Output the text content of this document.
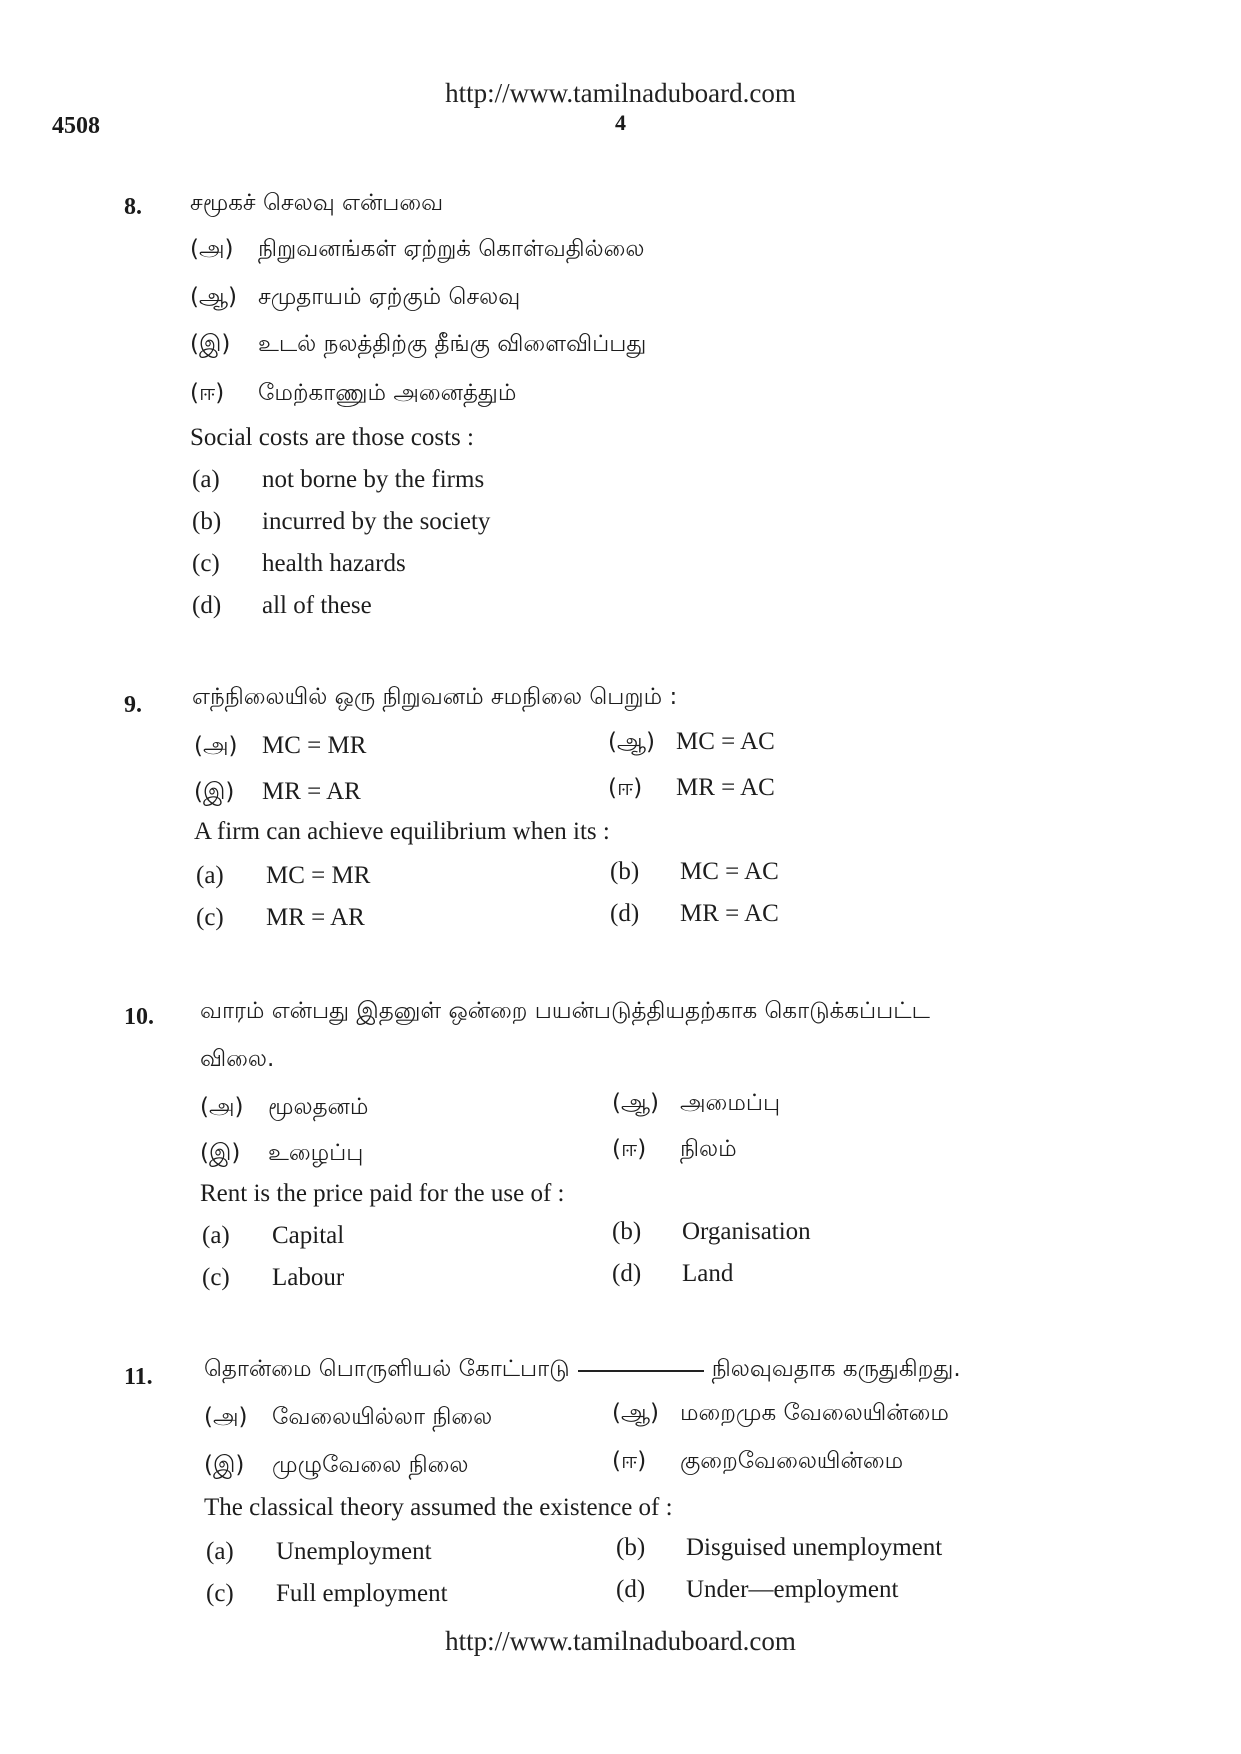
http://www.tamilnaduboard.com
4508	4
8. சமூகச் செலவு என்பவை
(அ) நிறுவனங்கள் ஏற்றுக் கொள்வதில்லை
(ஆ) சமுதாயம் ஏற்கும் செலவு
(இ) உடல் நலத்திற்கு தீங்கு விளைவிப்பது
(ஈ) மேற்காணும் அனைத்தும்
Social costs are those costs :
(a) not borne by the firms
(b) incurred by the society
(c) health hazards
(d) all of these
9. எந்நிலையில் ஒரு நிறுவனம் சமநிலை பெறும் :
(அ) MC = MR	(ஆ) MC = AC
(இ) MR = AR	(ஈ) MR = AC
A firm can achieve equilibrium when its :
(a) MC = MR	(b) MC = AC
(c) MR = AR	(d) MR = AC
10. வாரம் என்பது இதனுள் ஒன்றை பயன்படுத்தியதற்காக கொடுக்கப்பட்ட
விலை.
(அ) மூலதனம்	(ஆ) அமைப்பு
(இ) உழைப்பு	(ஈ) நிலம்
Rent is the price paid for the use of :
(a) Capital	(b) Organisation
(c) Labour	(d) Land
11. தொன்மை பொருளியல் கோட்பாடு	நிலவுவதாக கருதுகிறது.
(அ) வேலையில்லா நிலை	(ஆ) மறைமுக வேலையின்மை
(இ) முழுவேலை நிலை	(ஈ) குறைவேலையின்மை
The classical theory assumed the existence of :
(a) Unemployment	(b) Disguised unemployment
(c) Full employment	(d) Under—employment
http://www.tamilnaduboard.com
